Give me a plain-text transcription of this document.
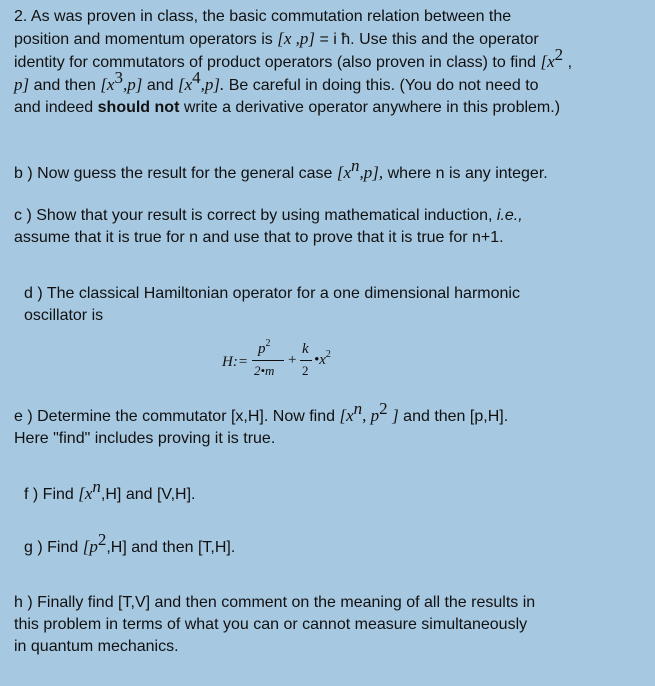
2. As was proven in class, the basic commutation relation between the
position and momentum operators is [x ,p] = i ħ. Use this and the operator
identity for commutators of product operators (also proven in class) to find [$x^2$ ,
p] and then $[x^3,p]$ and $[x^4,p]$. Be careful in doing this. (You do not need to
and indeed should not write a derivative operator anywhere in this problem.)
b ) Now guess the result for the general case $[x^n,p]$, where n is any integer.
c ) Show that your result is correct by using mathematical induction, i.e.,
assume that it is true for n and use that to prove that it is true for n+1.
d ) The classical Hamiltonian operator for a one dimensional harmonic
oscillator is
H:=
$p^2$
2•m
+
k
2
$•x^2$
e ) Determine the commutator [x,H]. Now find [$x^n$, $p^2$ ] and then [p,H].
Here "find" includes proving it is true.
f ) Find $[x^n,H]$ and [V,H].
g ) Find $[p^2,H]$ and then [T,H].
h ) Finally find [T,V] and then comment on the meaning of all the results in
this problem in terms of what you can or cannot measure simultaneously
in quantum mechanics.
